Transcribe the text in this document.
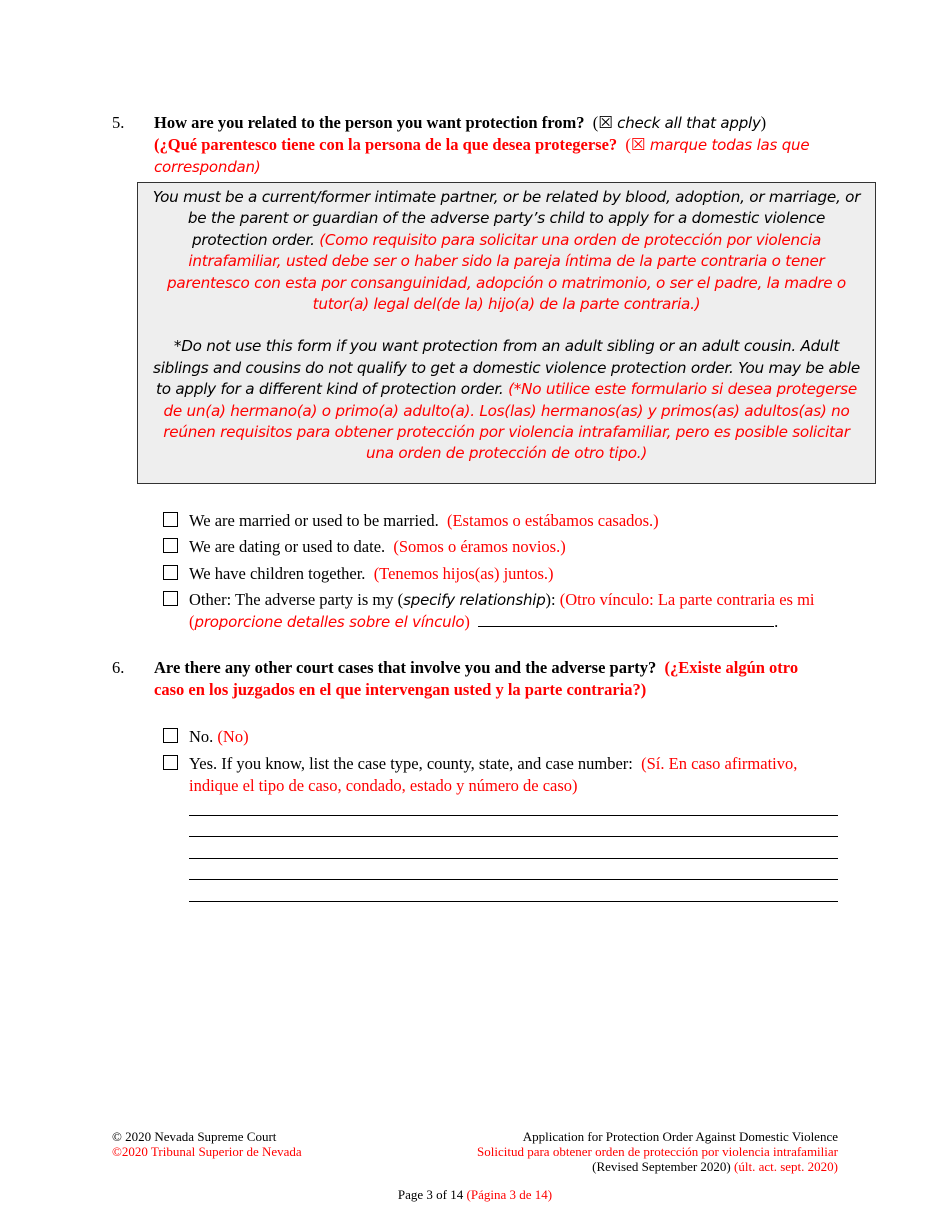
5. How are you related to the person you want protection from? (☒ check all that apply)
(¿Qué parentesco tiene con la persona de la que desea protegerse? (☒ marque todas las que correspondan)

You must be a current/former intimate partner, or be related by blood, adoption, or marriage, or be the parent or guardian of the adverse party’s child to apply for a domestic violence protection order. (Como requisito para solicitar una orden de protección por violencia intrafamiliar, usted debe ser o haber sido la pareja íntima de la parte contraria o tener parentesco con esta por consanguinidad, adopción o matrimonio, o ser el padre, la madre o tutor(a) legal del(de la) hijo(a) de la parte contraria.)

*Do not use this form if you want protection from an adult sibling or an adult cousin. Adult siblings and cousins do not qualify to get a domestic violence protection order. You may be able to apply for a different kind of protection order. (*No utilice este formulario si desea protegerse de un(a) hermano(a) o primo(a) adulto(a). Los(las) hermanos(as) y primos(as) adultos(as) no reúnen requisitos para obtener protección por violencia intrafamiliar, pero es posible solicitar una orden de protección de otro tipo.)

We are married or used to be married. (Estamos o estábamos casados.)
We are dating or used to date. (Somos o éramos novios.)
We have children together. (Tenemos hijos(as) juntos.)
Other: The adverse party is my (specify relationship): (Otro vínculo: La parte contraria es mi (proporcione detalles sobre el vínculo)	.
6. Are there any other court cases that involve you and the adverse party? (¿Existe algún otro caso en los juzgados en el que intervengan usted y la parte contraria?)
No. (No)
Yes. If you know, list the case type, county, state, and case number: (Sí. En caso afirmativo, indique el tipo de caso, condado, estado y número de caso)
© 2020 Nevada Supreme Court
©2020 Tribunal Superior de Nevada
Application for Protection Order Against Domestic Violence
Solicitud para obtener orden de protección por violencia intrafamiliar
(Revised September 2020) (últ. act. sept. 2020)
Page 3 of 14 (Página 3 de 14)
